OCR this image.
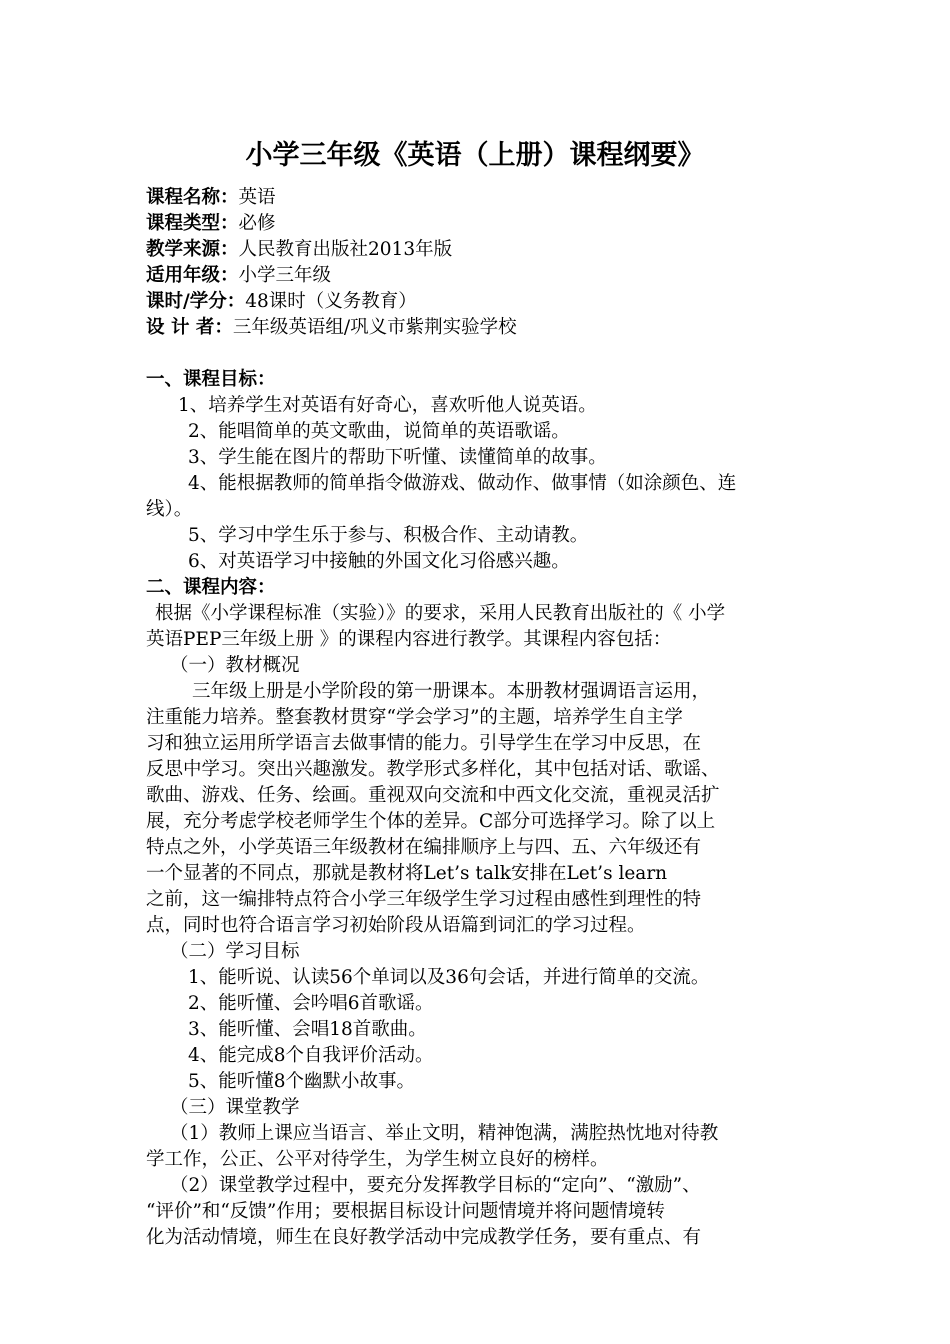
小学三年级《英语（上册）课程纲要》
课程名称：英语
课程类型：必修
教学来源：人民教育出版社2013年版
适用年级：小学三年级
课时/学分：48课时（义务教育）
设 计 者：三年级英语组/巩义市紫荆实验学校
一、课程目标：
1、培养学生对英语有好奇心，喜欢听他人说英语。
2、能唱简单的英文歌曲，说简单的英语歌谣。
3、学生能在图片的帮助下听懂、读懂简单的故事。
4、能根据教师的简单指令做游戏、做动作、做事情（如涂颜色、连
线）。
5、学习中学生乐于参与、积极合作、主动请教。
6、对英语学习中接触的外国文化习俗感兴趣。
二、课程内容：
根据《小学课程标准（实验）》的要求，采用人民教育出版社的《 小学
英语PEP三年级上册 》的课程内容进行教学。其课程内容包括：
（一）教材概况
三年级上册是小学阶段的第一册课本。本册教材强调语言运用，
注重能力培养。整套教材贯穿“学会学习”的主题，培养学生自主学
习和独立运用所学语言去做事情的能力。引导学生在学习中反思，在
反思中学习。突出兴趣激发。教学形式多样化，其中包括对话、歌谣、
歌曲、游戏、任务、绘画。重视双向交流和中西文化交流，重视灵活扩
展，充分考虑学校老师学生个体的差异。C部分可选择学习。除了以上
特点之外，小学英语三年级教材在编排顺序上与四、五、六年级还有
一个显著的不同点，那就是教材将Let’s talk安排在Let’s learn
之前，这一编排特点符合小学三年级学生学习过程由感性到理性的特
点，同时也符合语言学习初始阶段从语篇到词汇的学习过程。
（二）学习目标
1、能听说、认读56个单词以及36句会话，并进行简单的交流。
2、能听懂、会吟唱6首歌谣。
3、能听懂、会唱18首歌曲。
4、能完成8个自我评价活动。
5、能听懂8个幽默小故事。
（三）课堂教学
（1）教师上课应当语言、举止文明，精神饱满，满腔热忱地对待教
学工作，公正、公平对待学生，为学生树立良好的榜样。
（2）课堂教学过程中，要充分发挥教学目标的“定向”、“激励”、
“评价”和“反馈”作用；要根据目标设计问题情境并将问题情境转
化为活动情境，师生在良好教学活动中完成教学任务，要有重点、有
